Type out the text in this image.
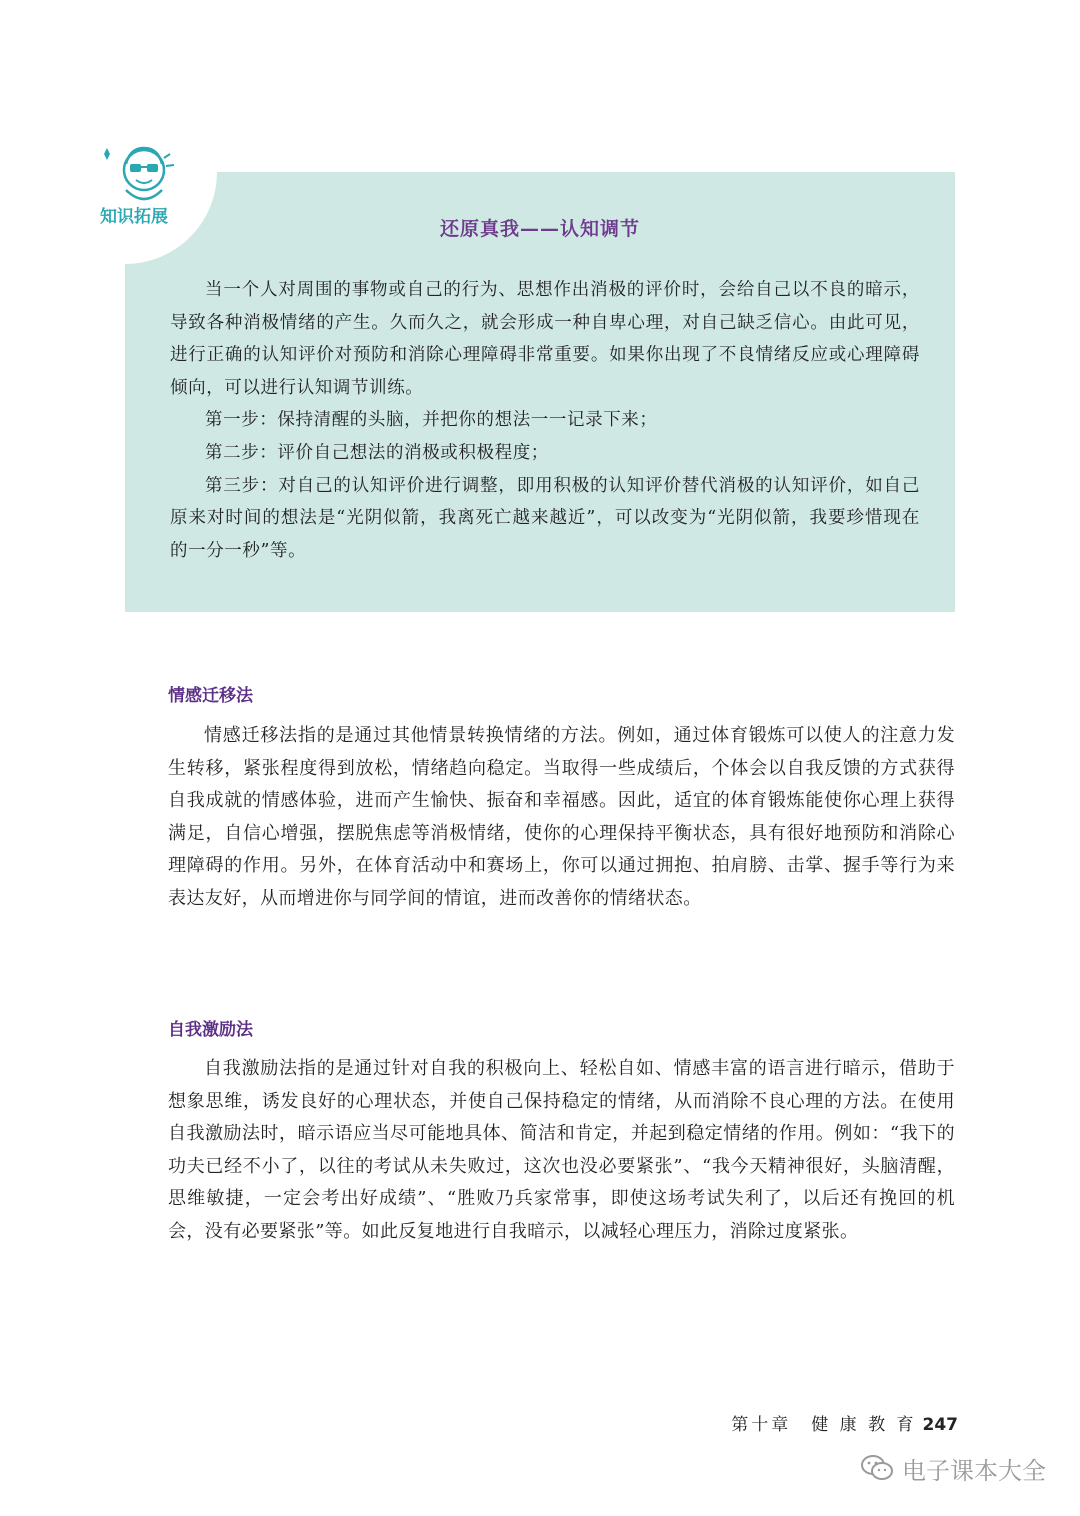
还原真我——认知调节

当一个人对周围的事物或自己的行为、思想作出消极的评价时，会给自己以不良的暗示，导致各种消极情绪的产生。久而久之，就会形成一种自卑心理，对自己缺乏信心。由此可见，进行正确的认知评价对预防和消除心理障碍非常重要。如果你出现了不良情绪反应或心理障碍倾向，可以进行认知调节训练。

第一步：保持清醒的头脑，并把你的想法一一记录下来；

第二步：评价自己想法的消极或积极程度；

第三步：对自己的认知评价进行调整，即用积极的认知评价替代消极的认知评价，如自己原来对时间的想法是“光阴似箭，我离死亡越来越近”，可以改变为“光阴似箭，我要珍惜现在的一分一秒”等。

知识拓展
情感迁移法

情感迁移法指的是通过其他情景转换情绪的方法。例如，通过体育锻炼可以使人的注意力发生转移，紧张程度得到放松，情绪趋向稳定。当取得一些成绩后，个体会以自我反馈的方式获得自我成就的情感体验，进而产生愉快、振奋和幸福感。因此，适宜的体育锻炼能使你心理上获得满足，自信心增强，摆脱焦虑等消极情绪，使你的心理保持平衡状态，具有很好地预防和消除心理障碍的作用。另外，在体育活动中和赛场上，你可以通过拥抱、拍肩膀、击掌、握手等行为来表达友好，从而增进你与同学间的情谊，进而改善你的情绪状态。

自我激励法

自我激励法指的是通过针对自我的积极向上、轻松自如、情感丰富的语言进行暗示，借助于想象思维，诱发良好的心理状态，并使自己保持稳定的情绪，从而消除不良心理的方法。在使用自我激励法时，暗示语应当尽可能地具体、简洁和肯定，并起到稳定情绪的作用。例如：“我下的功夫已经不小了，以往的考试从未失败过，这次也没必要紧张”、“我今天精神很好，头脑清醒，思维敏捷，一定会考出好成绩”、“胜败乃兵家常事，即使这场考试失利了，以后还有挽回的机会，没有必要紧张”等。如此反复地进行自我暗示，以减轻心理压力，消除过度紧张。

第十章　健 康 教 育 247
电子课本大全
